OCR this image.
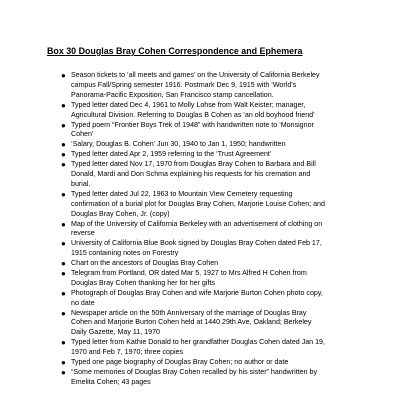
Box 30 Douglas Bray Cohen Correspondence and Ephemera
● Season tickets to ‘all meets and games’ on the University of California Berkeley
campus Fall/Spring semester 1916. Postmark Dec 9, 1915 with ‘World’s
Panorama-Pacific Exposition, San Francisco stamp cancellation.
● Typed letter dated Dec 4, 1961 to Molly Lohse from Walt Keister; manager,
Agricultural Division. Referring to Douglas B Cohen as ‘an old boyhood friend’
● Typed poem “Frontier Boys Trek of 1948” with handwritten note to ‘Monsignor
Cohen’
● ‘Salary, Douglas B. Cohen’ Jun 30, 1940 to Jan 1, 1950; handwritten
● Typed letter dated Apr 2, 1959 referring to the ‘Trust Agreement’
● Typed letter dated Nov 17, 1970 from Douglas Bray Cohen to Barbara and Bill
Donald, Mardi and Don Schma explaining his requests for his cremation and
burial.
● Typed letter dated Jul 22, 1963 to Mountain View Cemetery requesting
confirmation of a burial plot for Douglas Bray Cohen, Marjorie Louise Cohen; and
Douglas Bray Cohen, Jr. (copy)
● Map of the University of California Berkeley with an advertisement of clothing on
reverse
● University of California Blue Book signed by Douglas Bray Cohen dated Feb 17,
1915 containing notes on Forestry
● Chart on the ancestors of Douglas Bray Cohen
● Telegram from Portland, OR dated Mar 5, 1927 to Mrs Alfred H Cohen from
Douglas Bray Cohen thanking her for her gifts
● Photograph of Douglas Bray Cohen and wife Marjorie Burton Cohen photo copy,
no date
● Newspaper article on the 50th Anniversary of the marriage of Douglas Bray
Cohen and Marjorie Burton Cohen held at 1440 29th Ave, Oakland; Berkeley
Daily Gazette, May 11, 1970
● Typed letter from Kathie Donald to her grandfather Douglas Cohen dated Jan 19,
1970 and Feb 7, 1970; three copies
● Typed one page biography of Douglas Bray Cohen; no author or date
● “Some memories of Douglas Bray Cohen recalled by his sister” handwritten by
Emelita Cohen; 43 pages
